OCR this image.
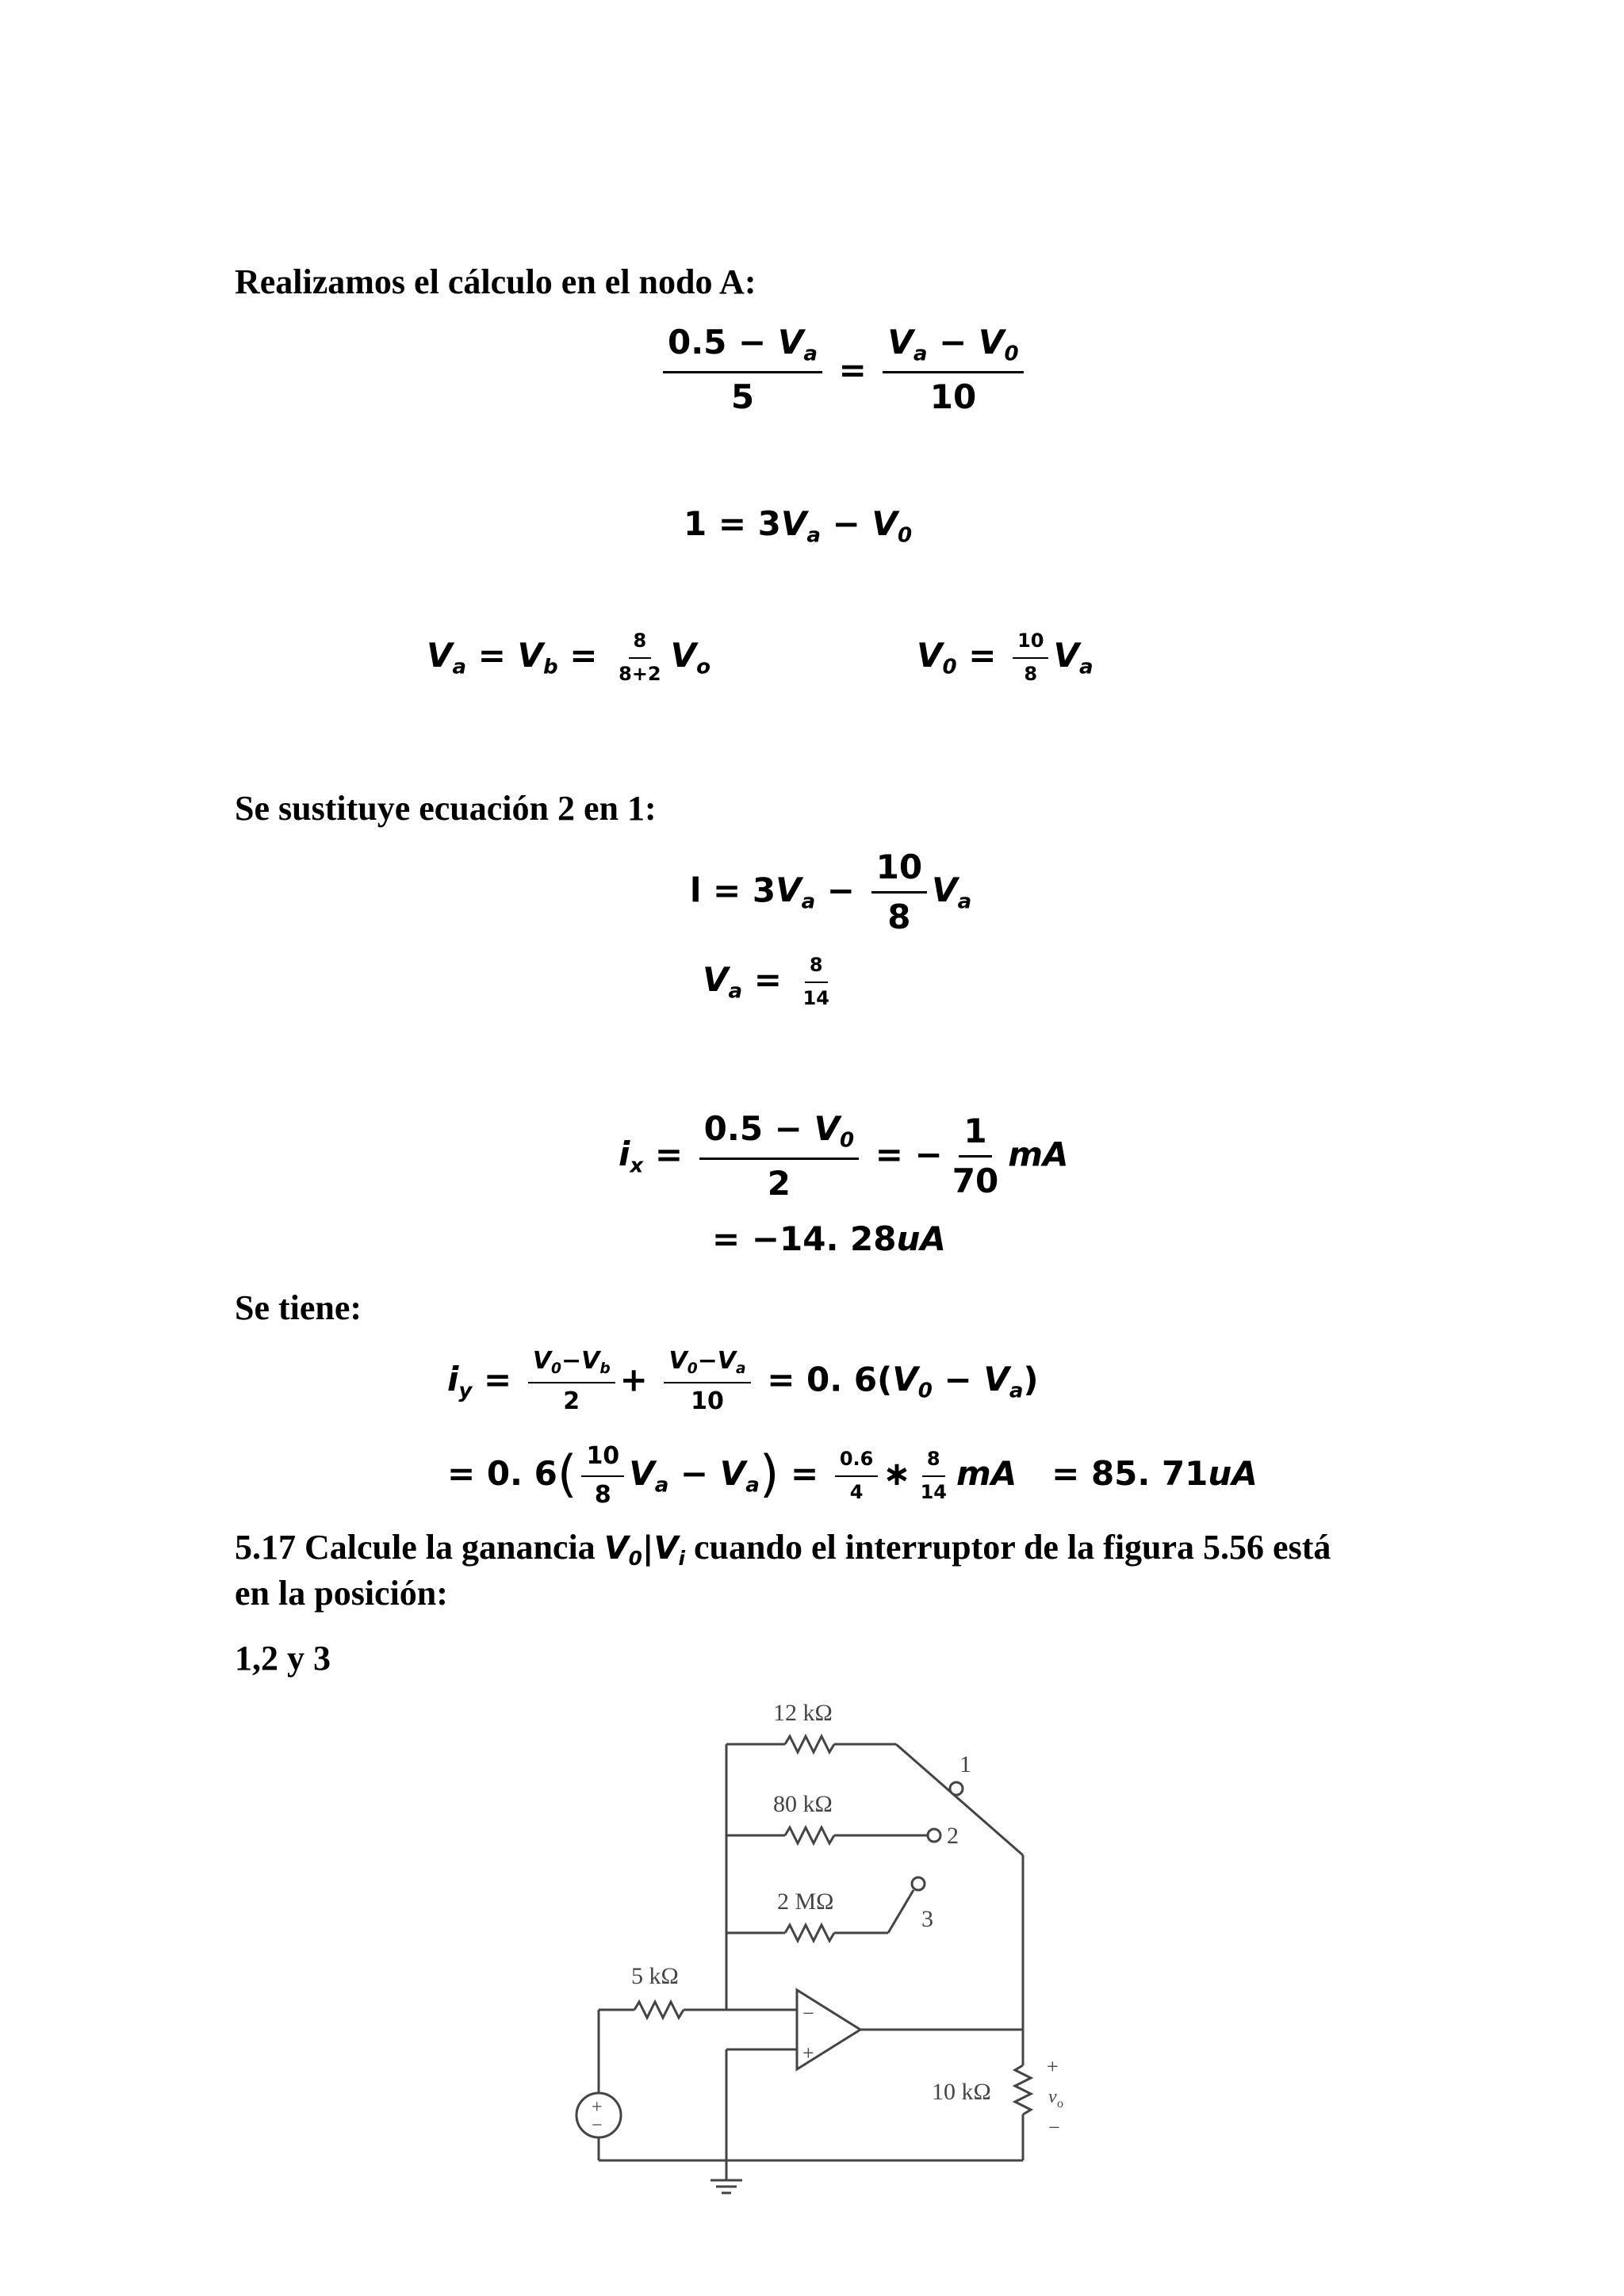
Realizamos el cálculo en el nodo A:
$\frac{0.5 - V_a}{5} = \frac{V_a - V_0}{10}$
$1 = 3V_a - V_0$
$V_a = V_b = \frac{8}{8+2} V_o$	$V_0 = \frac{10}{8} V_a$
Se sustituye ecuación 2 en 1:
$l = 3V_a - \frac{10}{8} V_a$
$V_a = \frac{8}{14}$
$i_x = \frac{0.5 - V_0}{2}$ = − $\frac{1}{70}$ mA
= −14. 28uA
Se tiene:
$i_y = \frac{V_0-V_b}{2} + \frac{V_0-V_a}{10} = 0$. $6(V_0 - V_a)$
= 0. $6( \frac{10}{8} V_a - V_a) = \frac{0.6}{4}$ ∗ $\frac{8}{14}$ mA = 85. 71uA
5.17 Calcule la ganancia $V_0|V_i$ cuando el interruptor de la figura 5.56 está
en la posición:
1,2 y 3
12 kΩ
80 kΩ
2 MΩ
5 kΩ
10 kΩ
1
2
3
+
v o
−
−
+
+
−
